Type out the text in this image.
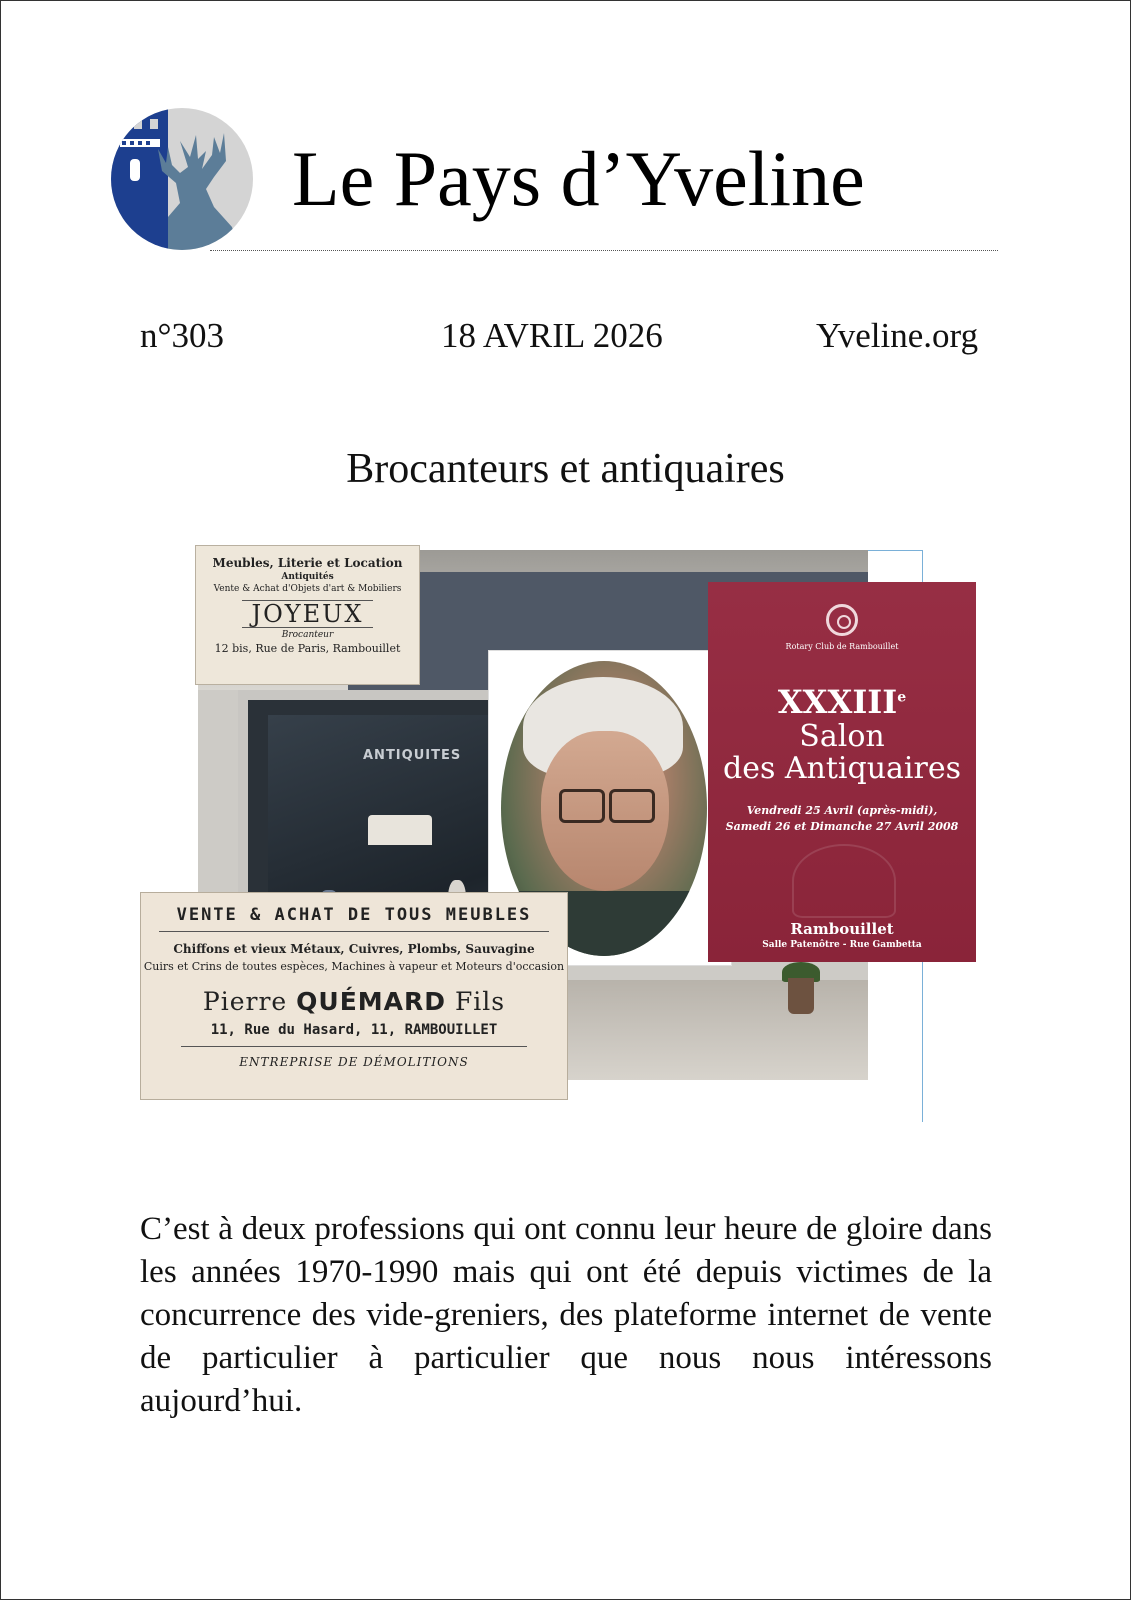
Le Pays d’Yveline
n°303	18 AVRIL 2026	Yveline.org
Brocanteurs et antiquaires
ANTIQUITES
Meubles, Literie et Location
Antiquités
Vente & Achat d'Objets d'art & Mobiliers
JOYEUX
Brocanteur
12 bis, Rue de Paris, Rambouillet	Rotary Club de Rambouillet
XXXIIIe
Salon
des Antiquaires
Vendredi 25 Avril (après-midi),
Samedi 26 et Dimanche 27 Avril 2008
Rambouillet
Salle Patenôtre - Rue Gambetta
VENTE & ACHAT DE TOUS MEUBLES
Chiffons et vieux Métaux, Cuivres, Plombs, Sauvagine
Cuirs et Crins de toutes espèces, Machines à vapeur et Moteurs d'occasion
Pierre QUÉMARD Fils
11, Rue du Hasard, 11, RAMBOUILLET
ENTREPRISE DE DÉMOLITIONS
C’est à deux professions qui ont connu leur heure de gloire dans les années 1970-1990 mais qui ont été depuis victimes de la concurrence des vide-greniers, des plateforme internet de vente de particulier à particulier que nous nous intéressons aujourd’hui.
